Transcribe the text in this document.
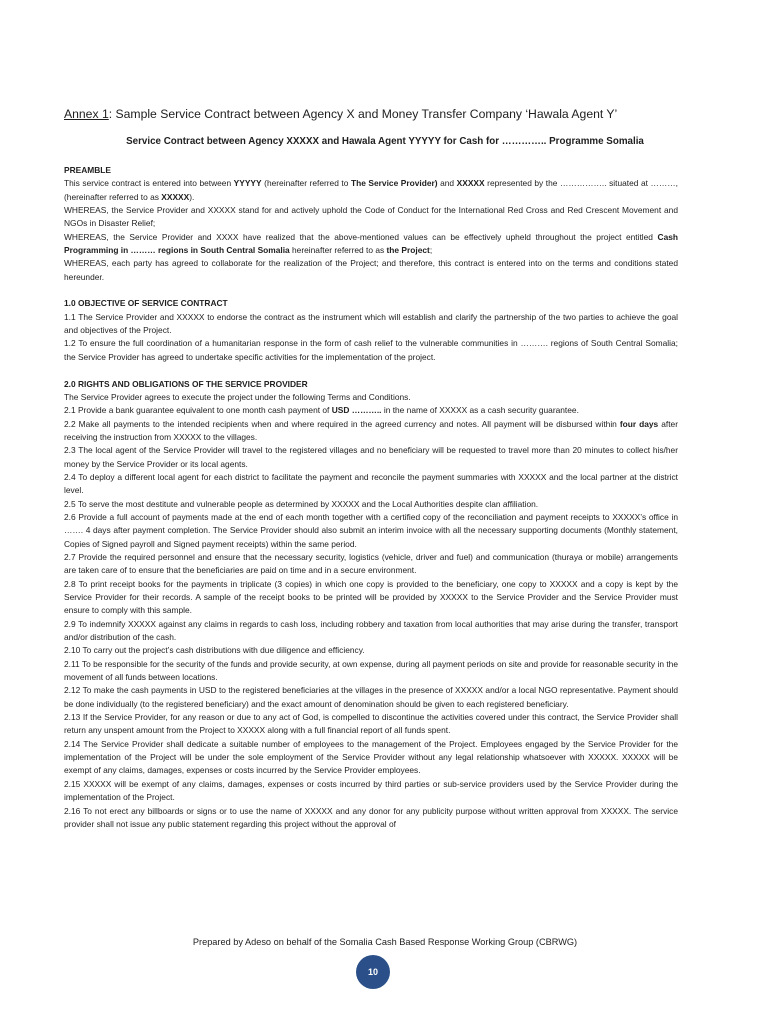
Annex 1: Sample Service Contract between Agency X and Money Transfer Company ‘Hawala Agent Y’
Service Contract between Agency XXXXX and Hawala Agent YYYYY for Cash for ………….. Programme Somalia

PREAMBLE

This service contract is entered into between YYYYY (hereinafter referred to The Service Provider) and XXXXX represented by the …………….. situated at ………, (hereinafter referred to as XXXXX).

WHEREAS, the Service Provider and XXXXX stand for and actively uphold the Code of Conduct for the International Red Cross and Red Crescent Movement and NGOs in Disaster Relief;

WHEREAS, the Service Provider and XXXX have realized that the above-mentioned values can be effectively upheld throughout the project entitled Cash Programming in ……… regions in South Central Somalia hereinafter referred to as the Project;

WHEREAS, each party has agreed to collaborate for the realization of the Project; and therefore, this contract is entered into on the terms and conditions stated hereunder.

1.0 OBJECTIVE OF SERVICE CONTRACT

1.1 The Service Provider and XXXXX to endorse the contract as the instrument which will establish and clarify the partnership of the two parties to achieve the goal and objectives of the Project.

1.2 To ensure the full coordination of a humanitarian response in the form of cash relief to the vulnerable communities in ………. regions of South Central Somalia; the Service Provider has agreed to undertake specific activities for the implementation of the project.

2.0 RIGHTS AND OBLIGATIONS OF THE SERVICE PROVIDER

The Service Provider agrees to execute the project under the following Terms and Conditions.

2.1 Provide a bank guarantee equivalent to one month cash payment of USD ……….. in the name of XXXXX as a cash security guarantee.

2.2 Make all payments to the intended recipients when and where required in the agreed currency and notes. All payment will be disbursed within four days after receiving the instruction from XXXXX to the villages.

2.3 The local agent of the Service Provider will travel to the registered villages and no beneficiary will be requested to travel more than 20 minutes to collect his/her money by the Service Provider or its local agents.

2.4 To deploy a different local agent for each district to facilitate the payment and reconcile the payment summaries with XXXXX and the local partner at the district level.

2.5 To serve the most destitute and vulnerable people as determined by XXXXX and the Local Authorities despite clan affiliation.

2.6 Provide a full account of payments made at the end of each month together with a certified copy of the reconciliation and payment receipts to XXXXX’s office in ……. 4 days after payment completion. The Service Provider should also submit an interim invoice with all the necessary supporting documents (Monthly statement, Copies of Signed payroll and Signed payment receipts) within the same period.

2.7 Provide the required personnel and ensure that the necessary security, logistics (vehicle, driver and fuel) and communication (thuraya or mobile) arrangements are taken care of to ensure that the beneficiaries are paid on time and in a secure environment.

2.8 To print receipt books for the payments in triplicate (3 copies) in which one copy is provided to the beneficiary, one copy to XXXXX and a copy is kept by the Service Provider for their records. A sample of the receipt books to be printed will be provided by XXXXX to the Service Provider and the Service Provider must ensure to comply with this sample.

2.9 To indemnify XXXXX against any claims in regards to cash loss, including robbery and taxation from local authorities that may arise during the transfer, transport and/or distribution of the cash.

2.10 To carry out the project’s cash distributions with due diligence and efficiency.

2.11 To be responsible for the security of the funds and provide security, at own expense, during all payment periods on site and provide for reasonable security in the movement of all funds between locations.

2.12 To make the cash payments in USD to the registered beneficiaries at the villages in the presence of XXXXX and/or a local NGO representative. Payment should be done individually (to the registered beneficiary) and the exact amount of denomination should be given to each registered beneficiary.

2.13 If the Service Provider, for any reason or due to any act of God, is compelled to discontinue the activities covered under this contract, the Service Provider shall return any unspent amount from the Project to XXXXX along with a full financial report of all funds spent.

2.14 The Service Provider shall dedicate a suitable number of employees to the management of the Project. Employees engaged by the Service Provider for the implementation of the Project will be under the sole employment of the Service Provider without any legal relationship whatsoever with XXXXX. XXXXX will be exempt of any claims, damages, expenses or costs incurred by the Service Provider employees.

2.15 XXXXX will be exempt of any claims, damages, expenses or costs incurred by third parties or sub-service providers used by the Service Provider during the implementation of the Project.

2.16 To not erect any billboards or signs or to use the name of XXXXX and any donor for any publicity purpose without written approval from XXXXX. The service provider shall not issue any public statement regarding this project without the approval of

Prepared by Adeso on behalf of the Somalia Cash Based Response Working Group (CBRWG)
10
